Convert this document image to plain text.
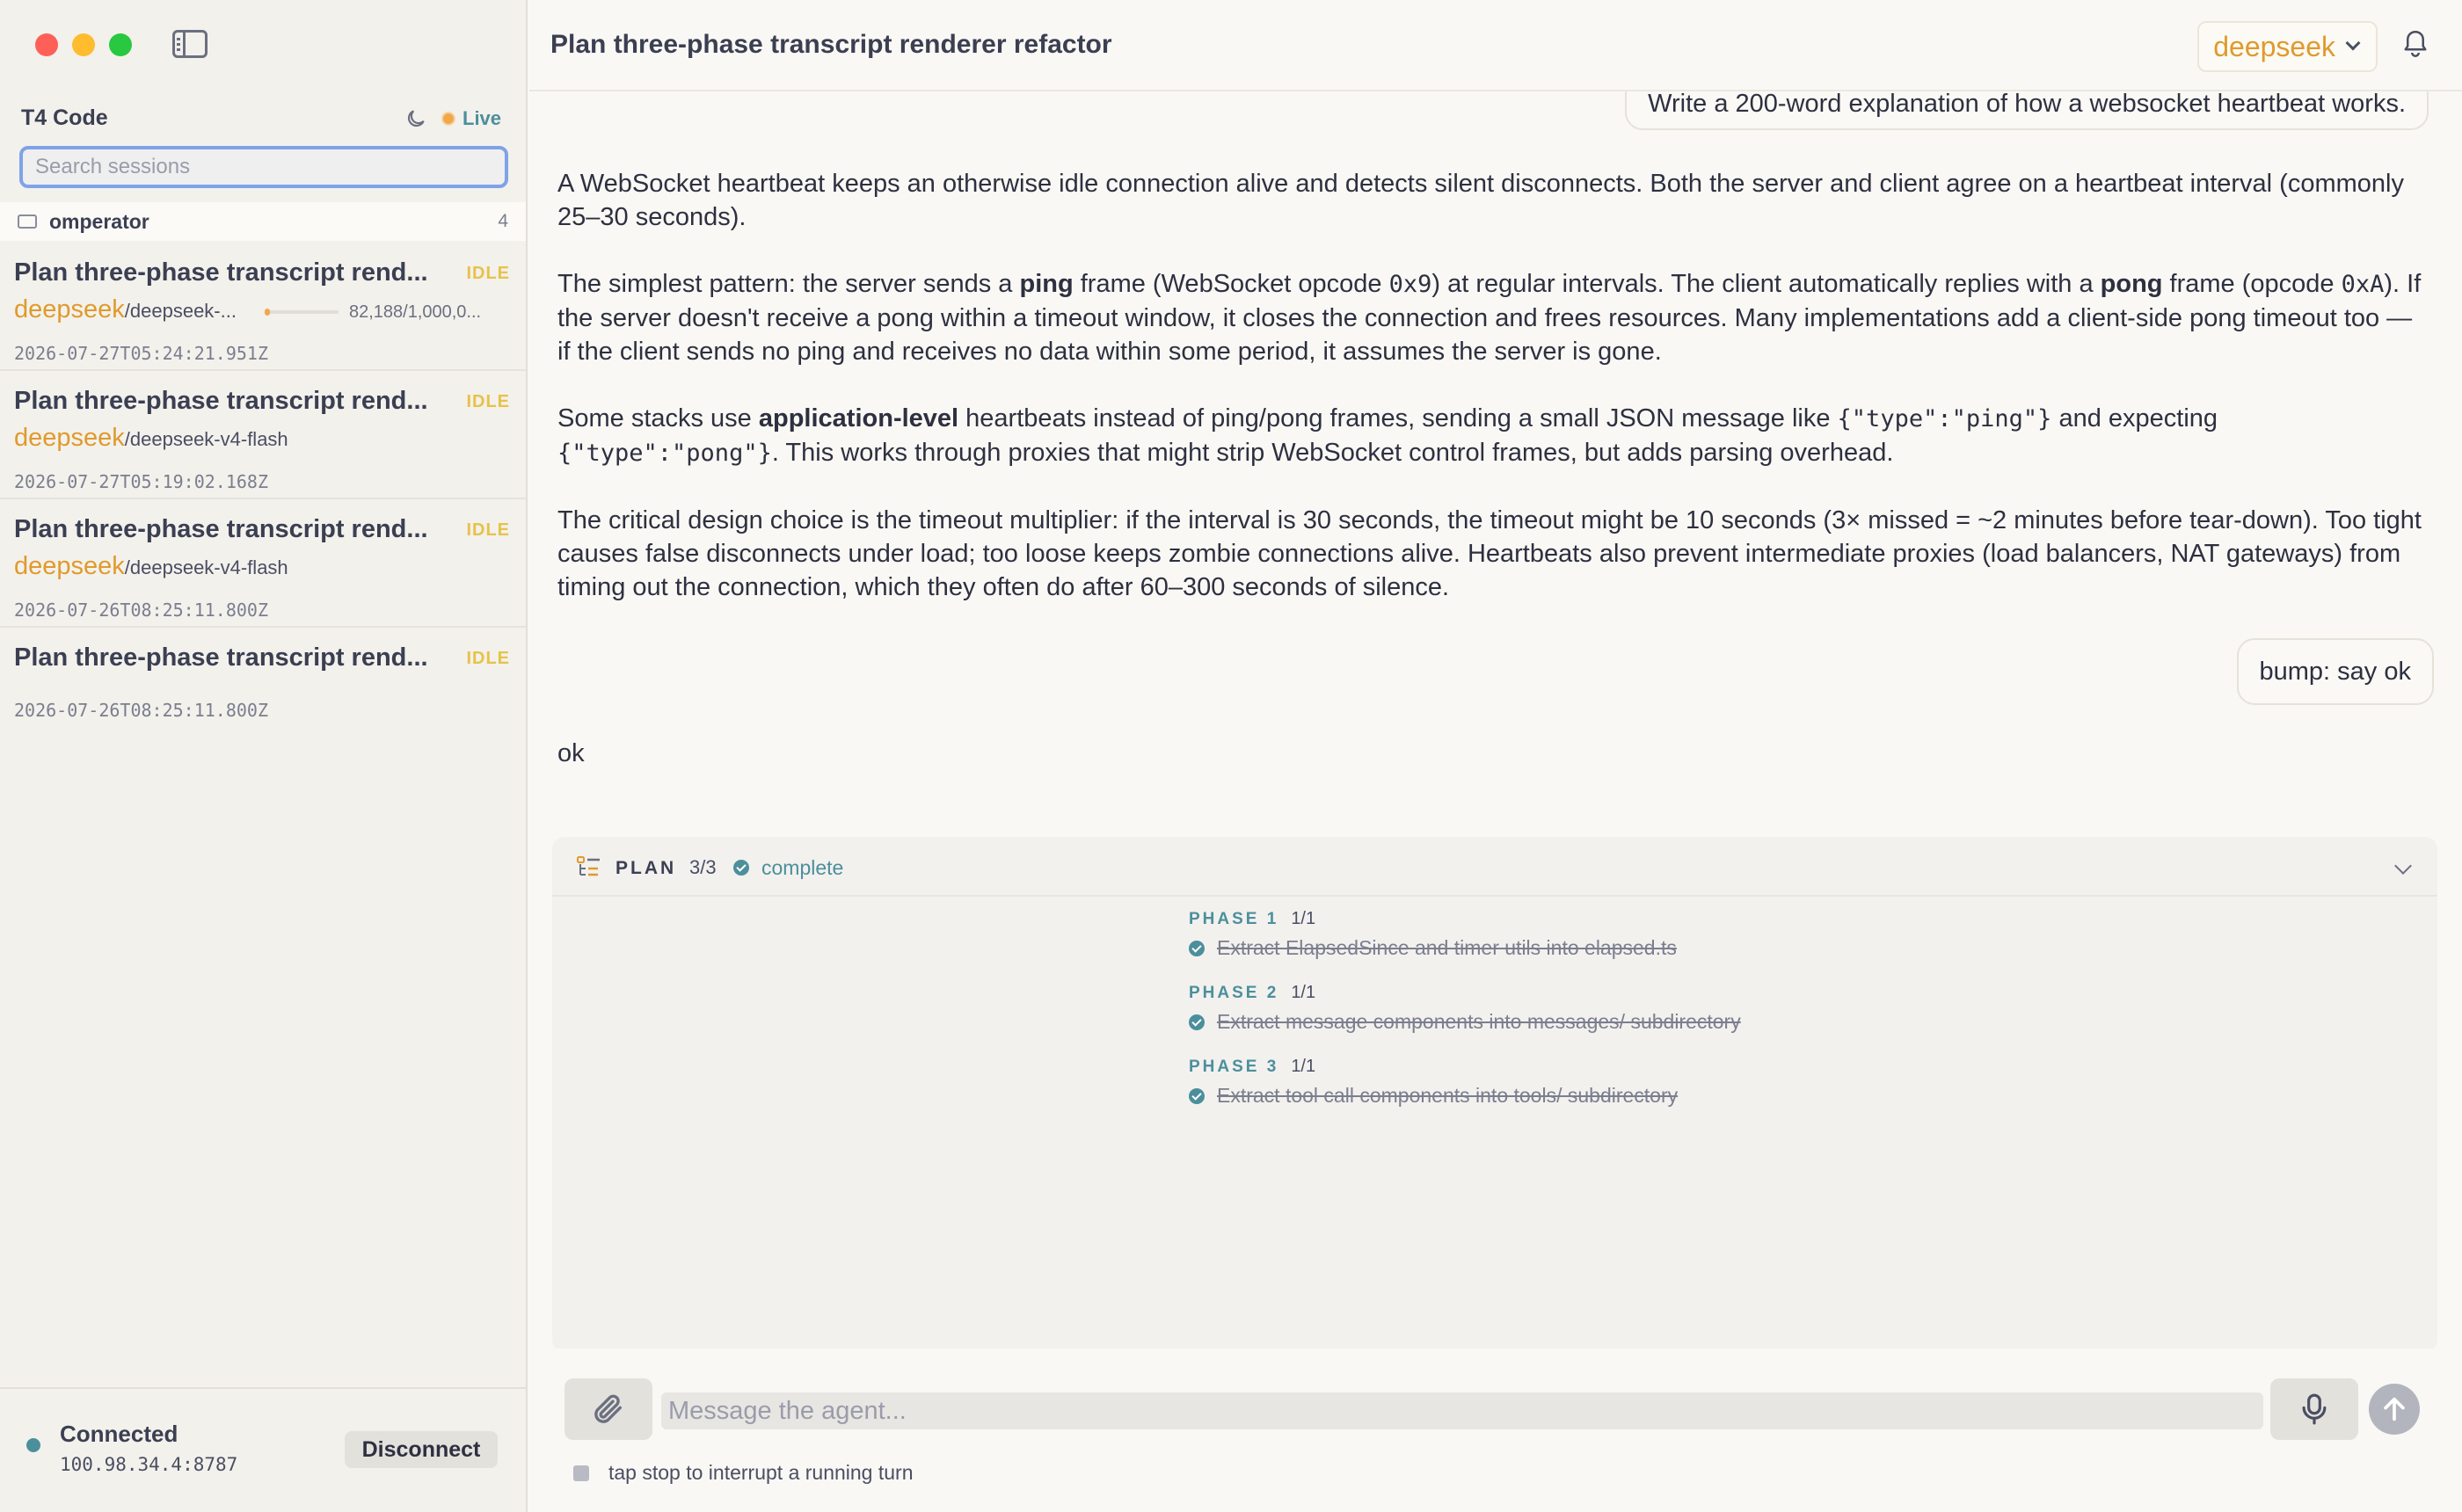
T4 Code	Live
Search sessions
omperator	4
Plan three-phase transcript rend...	IDLE
deepseek /deepseek-...	82,188/1,000,0...
2026-07-27T05:24:21.951Z
Plan three-phase transcript rend...	IDLE
deepseek /deepseek-v4-flash
2026-07-27T05:19:02.168Z
Plan three-phase transcript rend...	IDLE
deepseek /deepseek-v4-flash
2026-07-26T08:25:11.800Z
Plan three-phase transcript rend...	IDLE
2026-07-26T08:25:11.800Z
Connected
100.98.34.4:8787
Disconnect
Plan three-phase transcript renderer refactor	deepseek
Write a 200-word explanation of how a websocket heartbeat works.

A WebSocket heartbeat keeps an otherwise idle connection alive and detects silent disconnects. Both the server and client agree on a heartbeat interval (commonly 25–30 seconds).

The simplest pattern: the server sends a ping frame (WebSocket opcode 0x9) at regular intervals. The client automatically replies with a pong frame (opcode 0xA). If the server doesn't receive a pong within a timeout window, it closes the connection and frees resources. Many implementations add a client-side pong timeout too — if the client sends no ping and receives no data within some period, it assumes the server is gone.

Some stacks use application-level heartbeats instead of ping/pong frames, sending a small JSON message like {"type":"ping"} and expecting {"type":"pong"}. This works through proxies that might strip WebSocket control frames, but adds parsing overhead.

The critical design choice is the timeout multiplier: if the interval is 30 seconds, the timeout might be 10 seconds (3× missed = ~2 minutes before tear-down). Too tight causes false disconnects under load; too loose keeps zombie connections alive. Heartbeats also prevent intermediate proxies (load balancers, NAT gateways) from timing out the connection, which they often do after 60–300 seconds of silence.

bump: say ok
ok
PLAN 3/3 complete
PHASE 1 1/1
Extract ElapsedSince and timer utils into elapsed.ts
PHASE 2 1/1
Extract message components into messages/ subdirectory
PHASE 3 1/1
Extract tool call components into tools/ subdirectory
Message the agent...
tap stop to interrupt a running turn
